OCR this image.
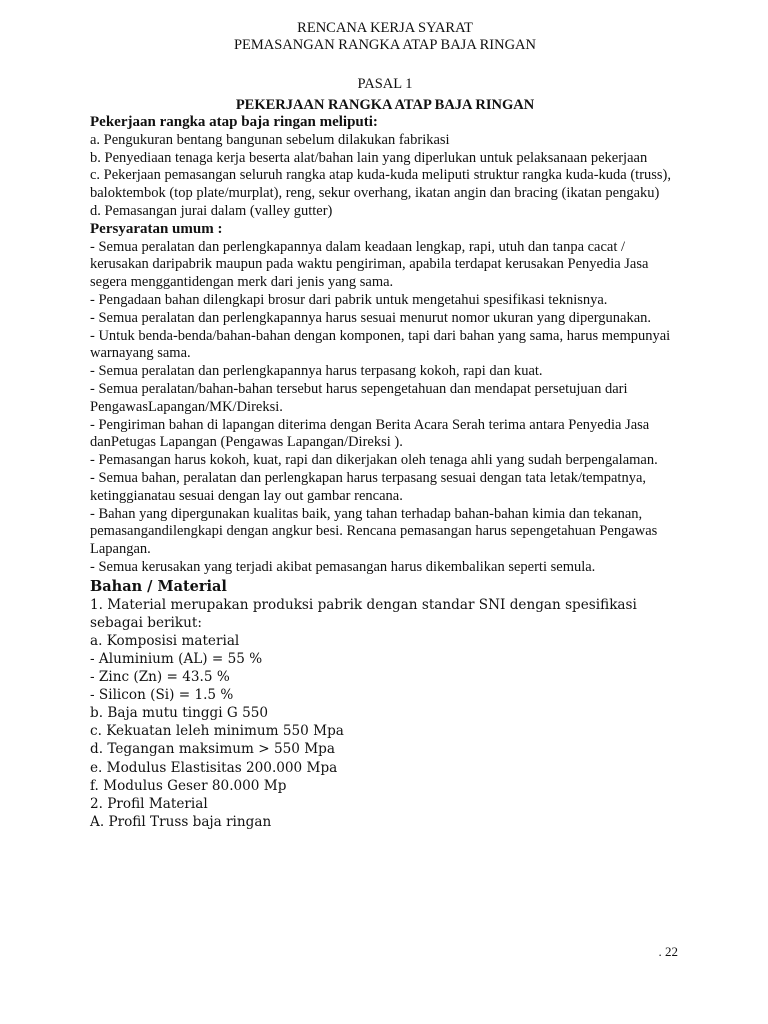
RENCANA KERJA SYARAT
PEMASANGAN RANGKA ATAP BAJA RINGAN
PASAL 1
PEKERJAAN RANGKA ATAP BAJA RINGAN
Pekerjaan rangka atap baja ringan meliputi:
a. Pengukuran bentang bangunan sebelum dilakukan fabrikasi
b. Penyediaan tenaga kerja beserta alat/bahan lain yang diperlukan untuk pelaksanaan pekerjaan
c. Pekerjaan pemasangan seluruh rangka atap kuda-kuda meliputi struktur rangka kuda-kuda (truss), baloktembok (top plate/murplat), reng, sekur overhang, ikatan angin dan bracing (ikatan pengaku)
d. Pemasangan jurai dalam (valley gutter)
Persyaratan umum :
- Semua peralatan dan perlengkapannya dalam keadaan lengkap, rapi, utuh dan tanpa cacat / kerusakan daripabrik maupun pada waktu pengiriman, apabila terdapat kerusakan Penyedia Jasa segera menggantidengan merk dari jenis yang sama.
- Pengadaan bahan dilengkapi brosur dari pabrik untuk mengetahui spesifikasi teknisnya.
- Semua peralatan dan perlengkapannya harus sesuai menurut nomor ukuran yang dipergunakan.
- Untuk benda-benda/bahan-bahan dengan komponen, tapi dari bahan yang sama, harus mempunyai warnayang sama.
- Semua peralatan dan perlengkapannya harus terpasang kokoh, rapi dan kuat.
- Semua peralatan/bahan-bahan tersebut harus sepengetahuan dan mendapat persetujuan dari PengawasLapangan/MK/Direksi.
- Pengiriman bahan di lapangan diterima dengan Berita Acara Serah terima antara Penyedia Jasa danPetugas Lapangan (Pengawas Lapangan/Direksi ).
- Pemasangan harus kokoh, kuat, rapi dan dikerjakan oleh tenaga ahli yang sudah berpengalaman.
- Semua bahan, peralatan dan perlengkapan harus terpasang sesuai dengan tata letak/tempatnya, ketinggianatau sesuai dengan lay out gambar rencana.
- Bahan yang dipergunakan kualitas baik, yang tahan terhadap bahan-bahan kimia dan tekanan, pemasangandilengkapi dengan angkur besi. Rencana pemasangan harus sepengetahuan Pengawas Lapangan.
- Semua kerusakan yang terjadi akibat pemasangan harus dikembalikan seperti semula.
Bahan / Material
1. Material merupakan produksi pabrik dengan standar SNI dengan spesifikasi sebagai berikut:
a. Komposisi material
- Aluminium (AL) = 55 %
- Zinc (Zn) = 43.5 %
- Silicon (Si) = 1.5 %
b. Baja mutu tinggi G 550
c. Kekuatan leleh minimum 550 Mpa
d. Tegangan maksimum > 550 Mpa
e. Modulus Elastisitas 200.000 Mpa
f. Modulus Geser 80.000 Mp
2. Profil Material
A. Profil Truss baja ringan
. 22
